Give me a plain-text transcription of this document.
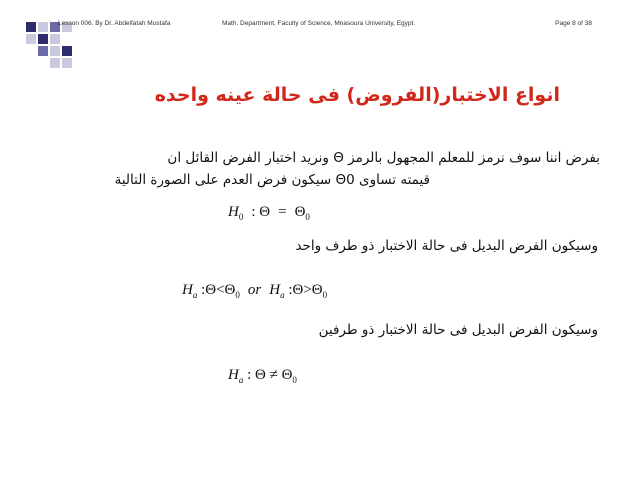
Lesson 006. By Dr. Abdelfatah Mustafa	Math. Department, Faculty of Science, Mnasoura University, Egypt.	Page 8 of 38
انواع الاختبار(الفروض) فى حالة عينه واحده
بفرض اننا سوف نرمز للمعلم المجهول بالرمز Θ ونريد اختبار الفرض القائل ان
قيمته تساوى Θ0 سيكون فرض العدم على الصورة التالية
$H_0$ : $\Theta = \Theta_0$
وسيكون الفرض البديل فى حالة الاختبار ذو طرف واحد
$H_a$ $:\Theta<\Theta_0$ or $H_a$ $:\Theta>\Theta_0$
وسيكون الفرض البديل فى حالة الاختبار ذو طرفين
$H_a$ : $\Theta \ne \Theta_0$
